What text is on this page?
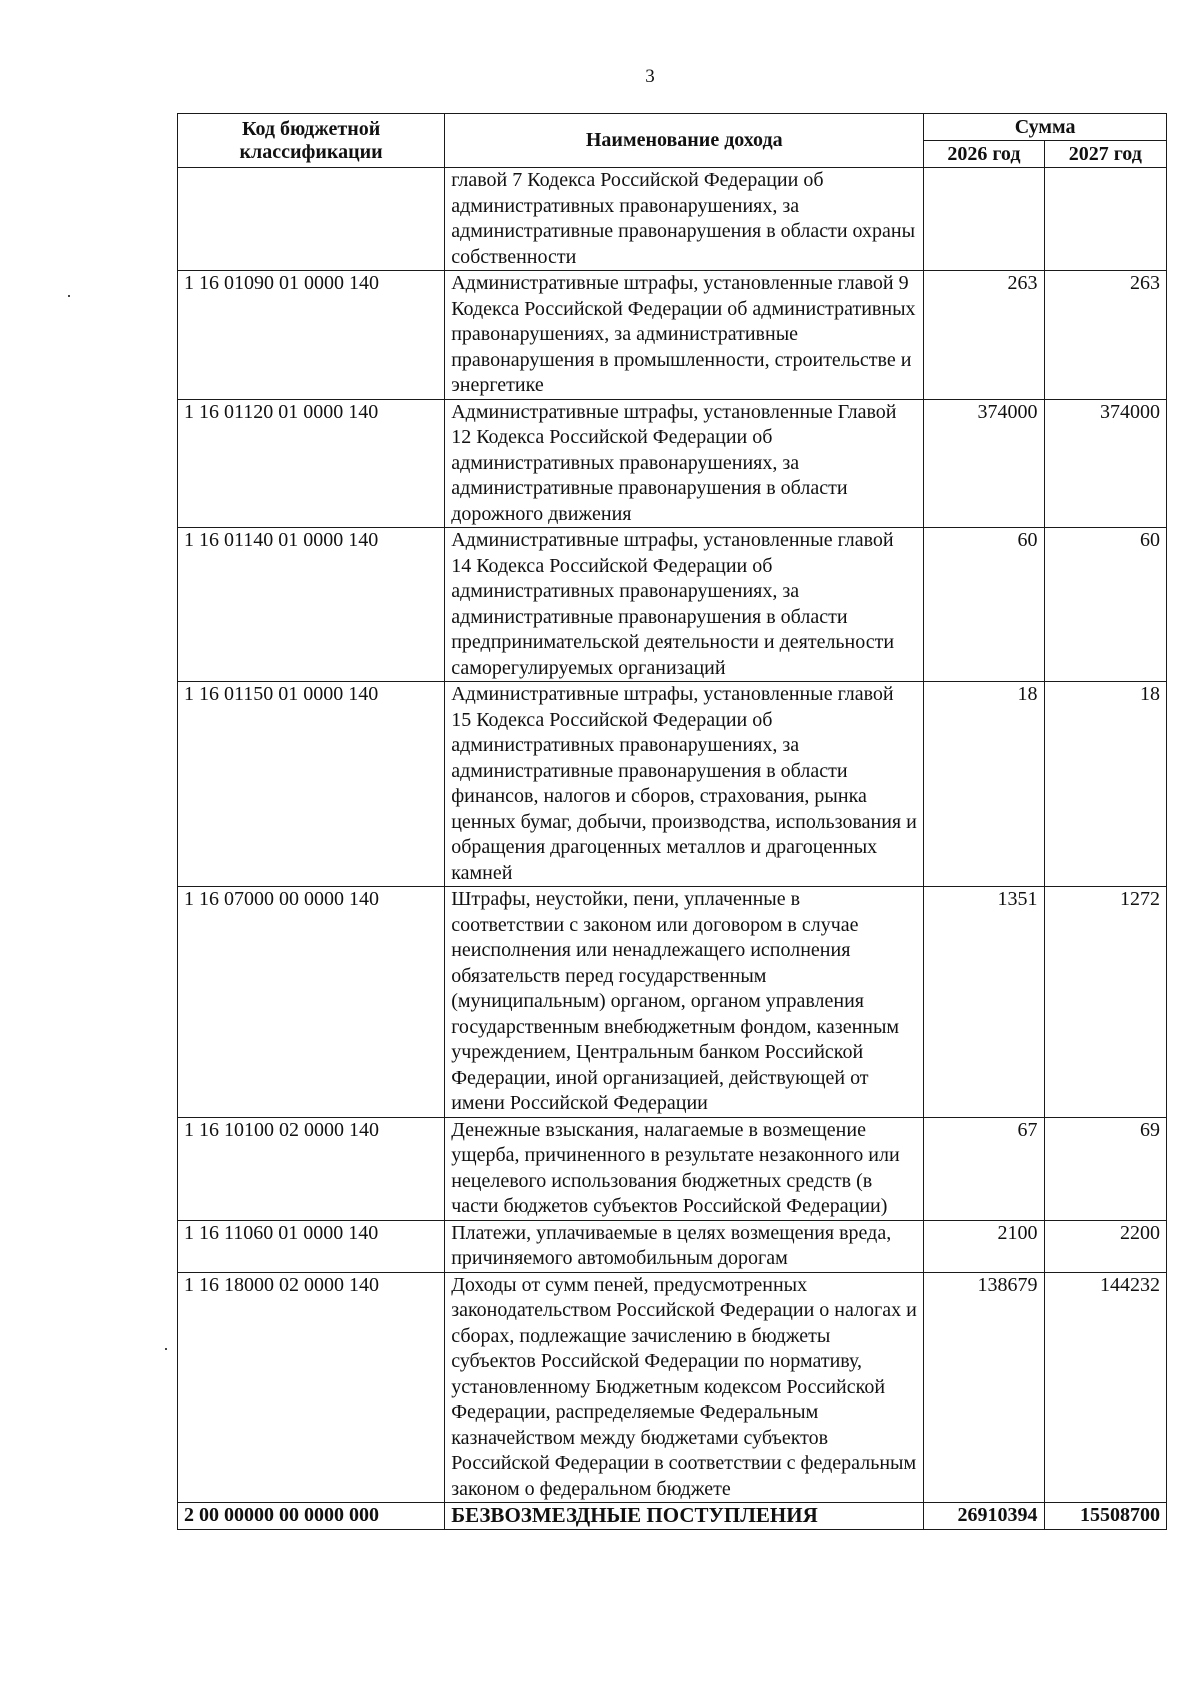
3
Код бюджетной классификации	Наименование дохода	Сумма	
		2026 год	2027 год
	главой 7 Кодекса Российской Федерации об административных правонарушениях, за административные правонарушения в области охраны собственности		
1 16 01090 01 0000 140	Административные штрафы, установленные главой 9 Кодекса Российской Федерации об административных правонарушениях, за административные правонарушения в промышленности, строительстве и энергетике	263	263
1 16 01120 01 0000 140	Административные штрафы, установленные Главой 12 Кодекса Российской Федерации об административных правонарушениях, за административные правонарушения в области дорожного движения	374000	374000
1 16 01140 01 0000 140	Административные штрафы, установленные главой 14 Кодекса Российской Федерации об административных правонарушениях, за административные правонарушения в области предпринимательской деятельности и деятельности саморегулируемых организаций	60	60
1 16 01150 01 0000 140	Административные штрафы, установленные главой 15 Кодекса Российской Федерации об административных правонарушениях, за административные правонарушения в области финансов, налогов и сборов, страхования, рынка ценных бумаг, добычи, производства, использования и обращения драгоценных металлов и драгоценных камней	18	18
1 16 07000 00 0000 140	Штрафы, неустойки, пени, уплаченные в соответствии с законом или договором в случае неисполнения или ненадлежащего исполнения обязательств перед государственным (муниципальным) органом, органом управления государственным внебюджетным фондом, казенным учреждением, Центральным банком Российской Федерации, иной организацией, действующей от имени Российской Федерации	1351	1272
1 16 10100 02 0000 140	Денежные взыскания, налагаемые в возмещение ущерба, причиненного в результате незаконного или нецелевого использования бюджетных средств (в части бюджетов субъектов Российской Федерации)	67	69
1 16 11060 01 0000 140	Платежи, уплачиваемые в целях возмещения вреда, причиняемого автомобильным дорогам	2100	2200
1 16 18000 02 0000 140	Доходы от сумм пеней, предусмотренных законодательством Российской Федерации о налогах и сборах, подлежащие зачислению в бюджеты субъектов Российской Федерации по нормативу, установленному Бюджетным кодексом Российской Федерации, распределяемые Федеральным казначейством между бюджетами субъектов Российской Федерации в соответствии с федеральным законом о федеральном бюджете	138679	144232
2 00 00000 00 0000 000	БЕЗВОЗМЕЗДНЫЕ ПОСТУПЛЕНИЯ	26910394	15508700
